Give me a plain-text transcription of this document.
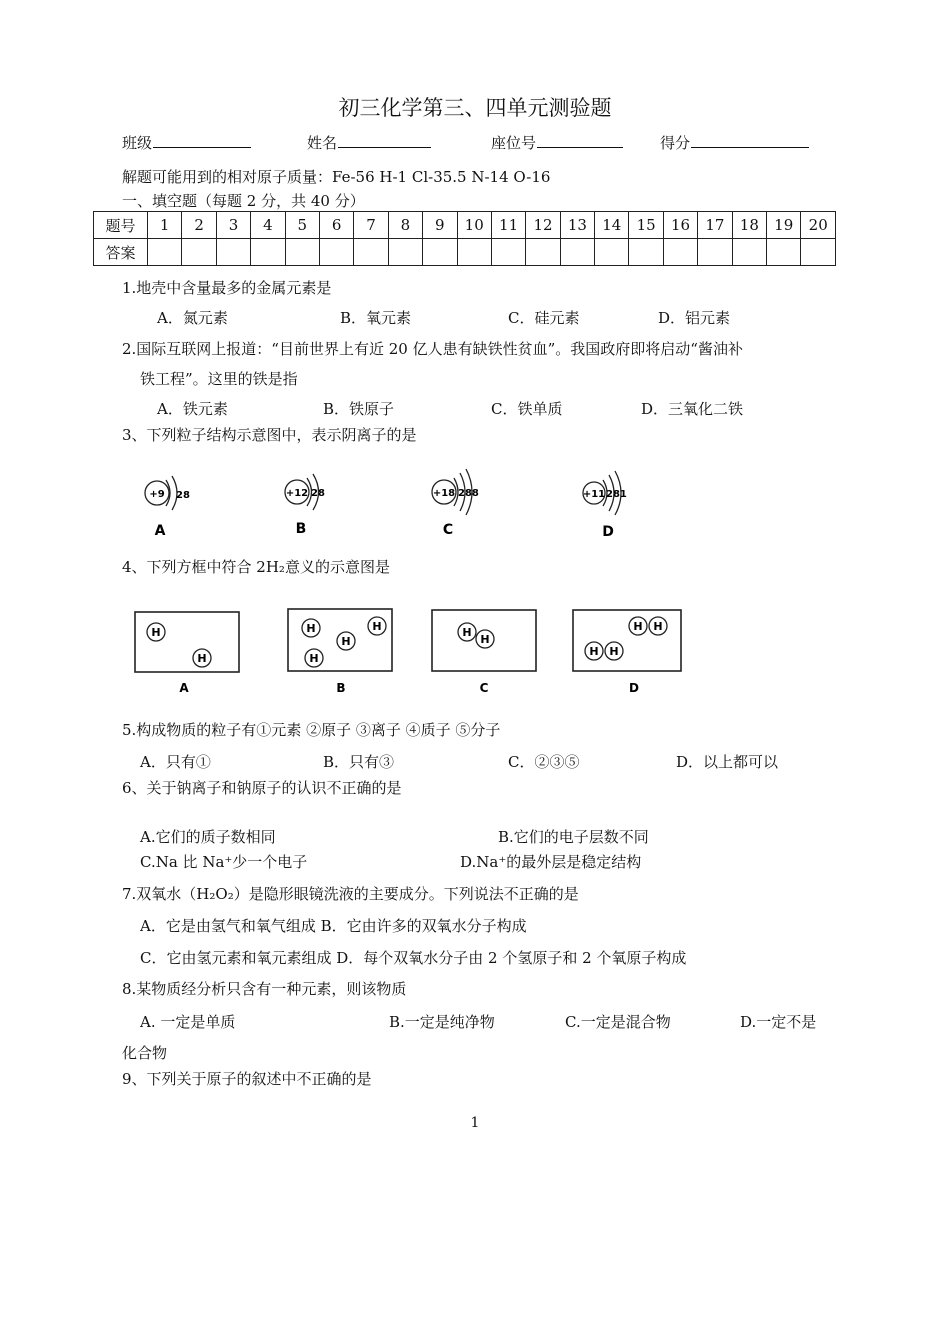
初三化学第三、四单元测验题
班级	姓名	座位号	得分
解题可能用到的相对原子质量：Fe-56 H-1 Cl-35.5 N-14 O-16
一、填空题（每题 2 分，共 40 分）
题号	1	2	3	4	5	6	7	8	9	10	11	12	13	14	15	16	17	18	19	20
答案																				
1.地壳中含量最多的金属元素是
A．氮元素	B．氧元素	C．硅元素	D．铝元素
2.国际互联网上报道：“目前世界上有近 20 亿人患有缺铁性贫血”。我国政府即将启动“酱油补
铁工程”。这里的铁是指
A．铁元素	B．铁原子	C．铁单质	D．三氧化二铁
3、下列粒子结构示意图中，表示阴离子的是
+9 28
A
+12 28
B
+18 288
C
+11 281
D
4、下列方框中符合 2H₂意义的示意图是
H
H
A
H	H
H
H
B
H
H
C
H H
H H
D
5.构成物质的粒子有①元素 ②原子 ③离子 ④质子 ⑤分子
A．只有①	B．只有③	C．②③⑤	D．以上都可以
6、关于钠离子和钠原子的认识不正确的是
A.它们的质子数相同	B.它们的电子层数不同
C.Na 比 Na⁺少一个电子	D.Na⁺的最外层是稳定结构
7.双氧水（H₂O₂）是隐形眼镜洗液的主要成分。下列说法不正确的是
A．它是由氢气和氧气组成 B．它由许多的双氧水分子构成
C．它由氢元素和氧元素组成 D．每个双氧水分子由 2 个氢原子和 2 个氧原子构成
8.某物质经分析只含有一种元素，则该物质
A. 一定是单质	B.一定是纯净物	C.一定是混合物	D.一定不是
化合物
9、下列关于原子的叙述中不正确的是
1
